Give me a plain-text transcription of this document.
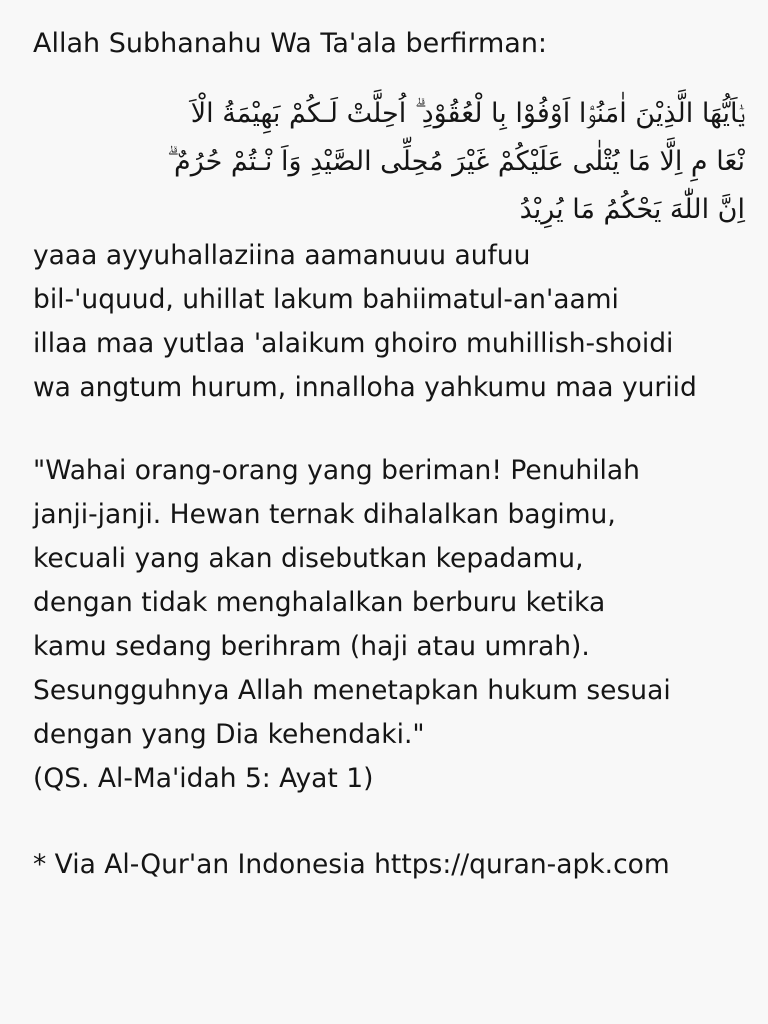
Allah Subhanahu Wa Ta'ala berfirman:
يٰۤاَيُّهَا الَّذِيْنَ اٰمَنُوْۤا اَوْفُوْا بِا لْعُقُوْدِ ۗ اُحِلَّتْ لَـكُمْ بَهِيْمَةُ الْاَ
نْعَا مِ اِلَّا مَا يُتْلٰى عَلَيْكُمْ غَيْرَ مُحِلِّى الصَّيْدِ وَاَ نْـتُمْ حُرُمٌ ۗ
اِنَّ اللّٰهَ يَحْكُمُ مَا يُرِيْدُ
yaaa ayyuhallaziina aamanuuu aufuu
bil-'uquud, uhillat lakum bahiimatul-an'aami
illaa maa yutlaa 'alaikum ghoiro muhillish-shoidi
wa angtum hurum, innalloha yahkumu maa yuriid
"Wahai orang-orang yang beriman! Penuhilah
janji-janji. Hewan ternak dihalalkan bagimu,
kecuali yang akan disebutkan kepadamu,
dengan tidak menghalalkan berburu ketika
kamu sedang berihram (haji atau umrah).
Sesungguhnya Allah menetapkan hukum sesuai
dengan yang Dia kehendaki."
(QS. Al-Ma'idah 5: Ayat 1)
* Via Al-Qur'an Indonesia https://quran-apk.com
